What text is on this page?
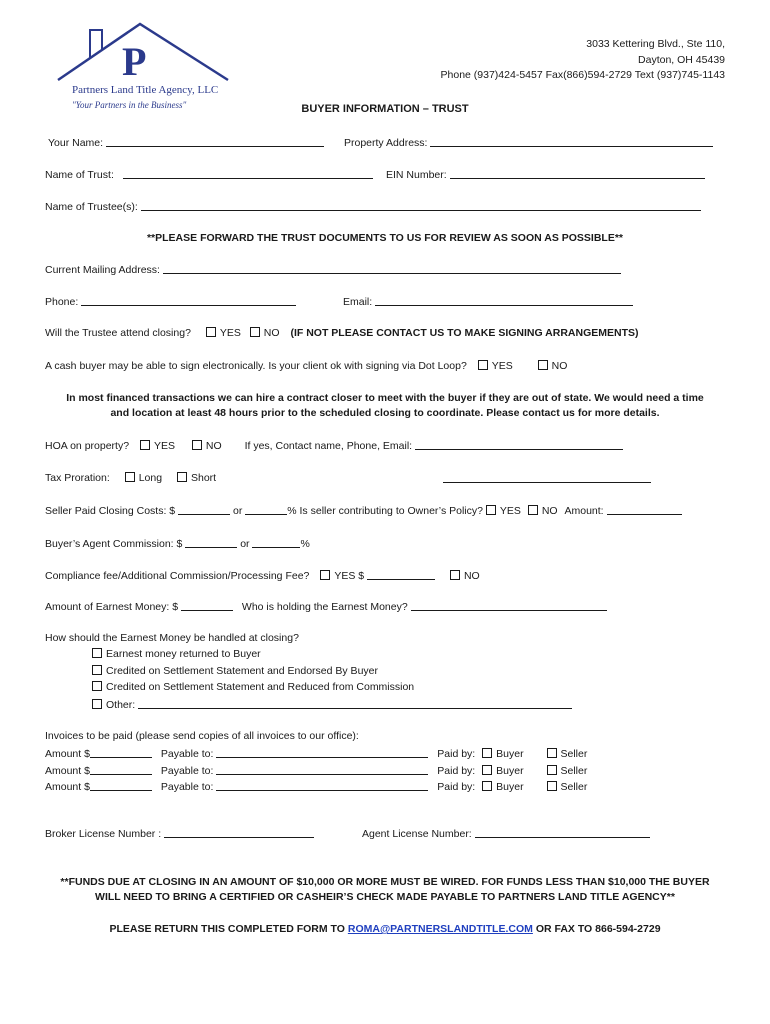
P
Partners Land Title Agency, LLC
"Your Partners in the Business"
3033 Kettering Blvd., Ste 110,
Dayton, OH 45439
Phone (937)424-5457 Fax(866)594-2729 Text (937)745-1143
BUYER INFORMATION – TRUST
Your Name:	Property Address:
Name of Trust:	EIN Number:
Name of Trustee(s):
**PLEASE FORWARD THE TRUST DOCUMENTS TO US FOR REVIEW AS SOON AS POSSIBLE**
Current Mailing Address:
Phone:	Email:
Will the Trustee attend closing?	YES NO (IF NOT PLEASE CONTACT US TO MAKE SIGNING ARRANGEMENTS)
A cash buyer may be able to sign electronically. Is your client ok with signing via Dot Loop? YES	NO
In most financed transactions we can hire a contract closer to meet with the buyer if they are out of state. We would need a time
and location at least 48 hours prior to the scheduled closing to coordinate. Please contact us for more details.
HOA on property? YES	NO If yes, Contact name, Phone, Email:
Tax Proration:	Long	Short
Seller Paid Closing Costs: $	or	% Is seller contributing to Owner’s Policy? YES NO Amount:
Buyer’s Agent Commission: $	or	%
Compliance fee/Additional Commission/Processing Fee? YES $	NO
Amount of Earnest Money: $	Who is holding the Earnest Money?
How should the Earnest Money be handled at closing?
Earnest money returned to Buyer
Credited on Settlement Statement and Endorsed By Buyer
Credited on Settlement Statement and Reduced from Commission
Other:
Invoices to be paid (please send copies of all invoices to our office):
Amount $	Payable to:	Paid by: Buyer	Seller
Amount $	Payable to:	Paid by: Buyer	Seller
Amount $	Payable to:	Paid by: Buyer	Seller
Broker License Number :	Agent License Number:
**FUNDS DUE AT CLOSING IN AN AMOUNT OF $10,000 OR MORE MUST BE WIRED. FOR FUNDS LESS THAN $10,000 THE BUYER
WILL NEED TO BRING A CERTIFIED OR CASHEIR’S CHECK MADE PAYABLE TO PARTNERS LAND TITLE AGENCY**
PLEASE RETURN THIS COMPLETED FORM TO ROMA@PARTNERSLANDTITLE.COM OR FAX TO 866-594-2729
